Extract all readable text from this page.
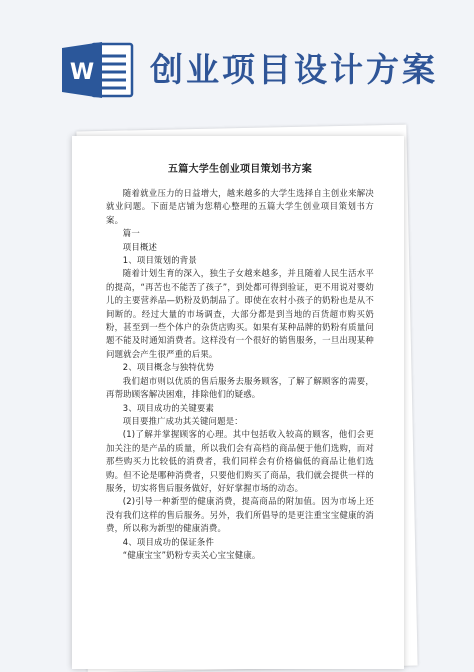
W 创业项目设计方案
五篇大学生创业项目策划书方案

随着就业压力的日益增大，越来越多的大学生选择自主创业来解决就业问题。下面是店铺为您精心整理的五篇大学生创业项目策划书方案。

篇一

项目概述

1、项目策划的背景

随着计划生育的深入，独生子女越来越多，并且随着人民生活水平的提高，“再苦也不能苦了孩子”，到处都可得到验证，更不用说对婴幼儿的主要营养品—奶粉及奶制品了。即使在农村小孩子的奶粉也是从不间断的。经过大量的市场调查，大部分都是到当地的百货超市购买奶粉，甚至到一些个体户的杂货店购买。如果有某种品牌的奶粉有质量问题不能及时通知消费者。这样没有一个很好的销售服务，一旦出现某种问题就会产生很严重的后果。

2、项目概念与独特优势

我们超市则以优质的售后服务去服务顾客，了解了解顾客的需要，再帮助顾客解决困难，排除他们的疑惑。

3、项目成功的关键要素

项目要推广成功其关键问题是：

(1)了解并掌握顾客的心理。其中包括收入较高的顾客，他们会更加关注的是产品的质量，所以我们会有高档的商品便于他们选购，而对那些购买力比较低的消费者，我们同样会有价格偏低的商品让他们选购。但不论是哪种消费者，只要他们购买了商品，我们就会提供一样的服务，切实将售后服务做好，好好掌握市场的动态。

(2)引导一种新型的健康消费，提高商品的附加值。因为市场上还没有我们这样的售后服务。另外，我们所倡导的是更注重宝宝健康的消费，所以称为新型的健康消费。

4、项目成功的保证条件

“健康宝宝”奶粉专卖关心宝宝健康。
